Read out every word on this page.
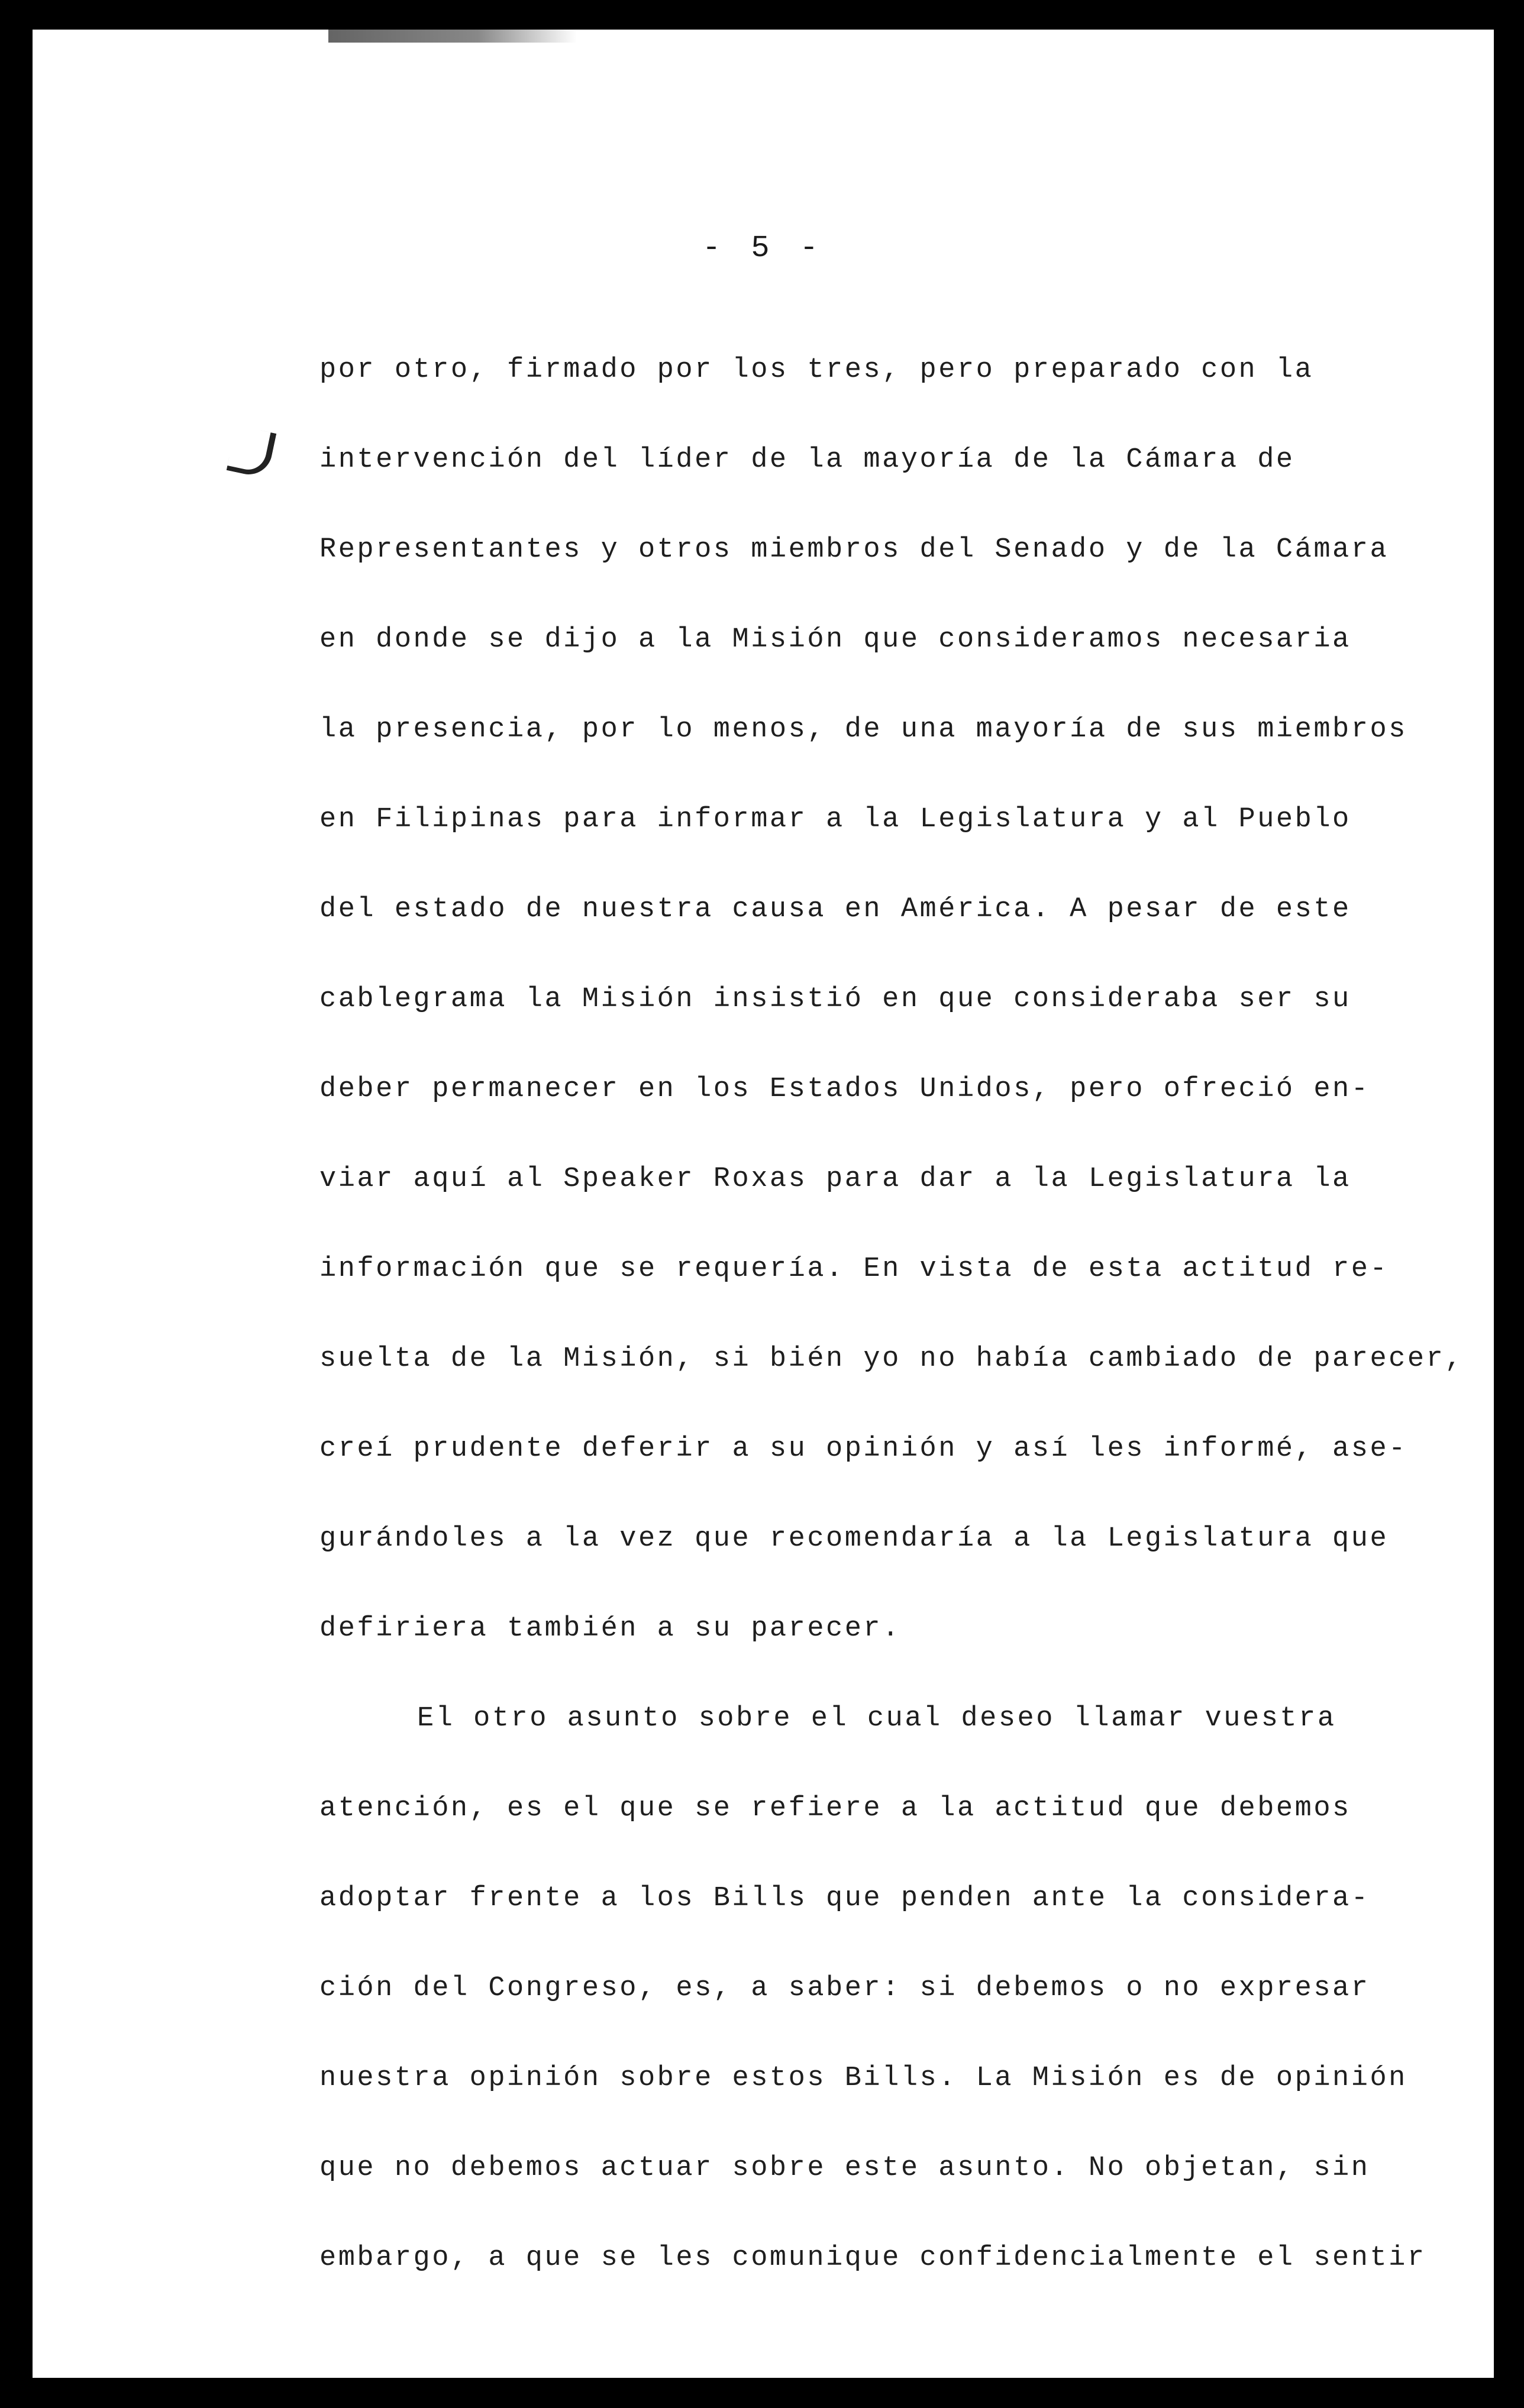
- 5 -
por otro, firmado por los tres, pero preparado con la
intervención del líder de la mayoría de la Cámara de
Representantes y otros miembros del Senado y de la Cámara
en donde se dijo a la Misión que consideramos necesaria
la presencia, por lo menos, de una mayoría de sus miembros
en Filipinas para informar a la Legislatura y al Pueblo
del estado de nuestra causa en América. A pesar de este
cablegrama la Misión insistió en que consideraba ser su
deber permanecer en los Estados Unidos, pero ofreció en-
viar aquí al Speaker Roxas para dar a la Legislatura la
información que se requería. En vista de esta actitud re-
suelta de la Misión, si bién yo no había cambiado de parecer,
creí prudente deferir a su opinión y así les informé, ase-
gurándoles a la vez que recomendaría a la Legislatura que
defiriera también a su parecer.
El otro asunto sobre el cual deseo llamar vuestra
atención, es el que se refiere a la actitud que debemos
adoptar frente a los Bills que penden ante la considera-
ción del Congreso, es, a saber: si debemos o no expresar
nuestra opinión sobre estos Bills. La Misión es de opinión
que no debemos actuar sobre este asunto. No objetan, sin
embargo, a que se les comunique confidencialmente el sentir
